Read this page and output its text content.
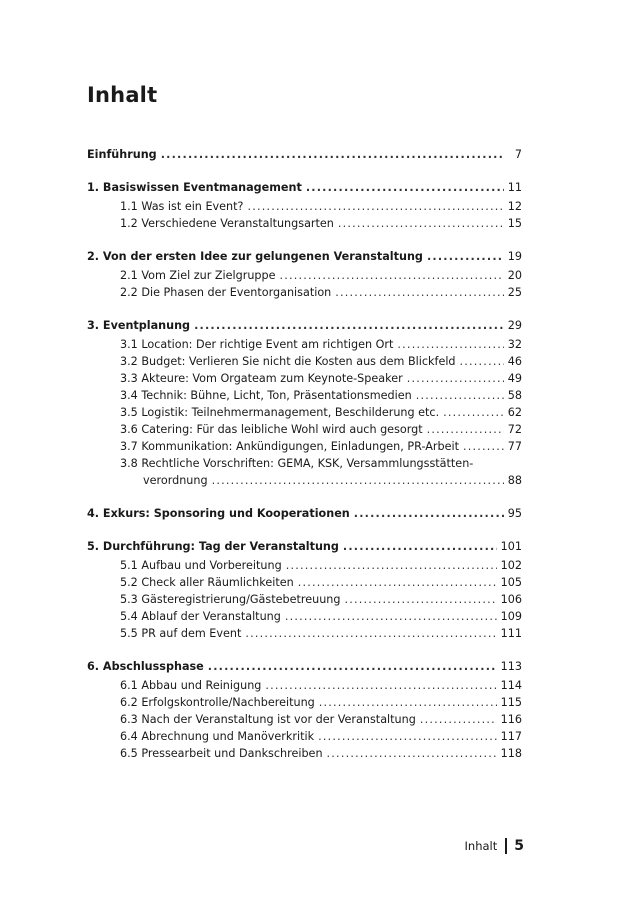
Inhalt
Einführung .....	7
1. Basiswissen Eventmanagement .....	11
1.1 Was ist ein Event? .....	12
1.2 Verschiedene Veranstaltungsarten .....	15
2. Von der ersten Idee zur gelungenen Veranstaltung .....	19
2.1 Vom Ziel zur Zielgruppe .....	20
2.2 Die Phasen der Eventorganisation .....	25
3. Eventplanung .....	29
3.1 Location: Der richtige Event am richtigen Ort .....	32
3.2 Budget: Verlieren Sie nicht die Kosten aus dem Blickfeld .....	46
3.3 Akteure: Vom Orgateam zum Keynote-Speaker .....	49
3.4 Technik: Bühne, Licht, Ton, Präsentationsmedien .....	58
3.5 Logistik: Teilnehmermanagement, Beschilderung etc. .....	62
3.6 Catering: Für das leibliche Wohl wird auch gesorgt .....	72
3.7 Kommunikation: Ankündigungen, Einladungen, PR-Arbeit .....	77
3.8 Rechtliche Vorschriften: GEMA, KSK, Versammlungsstätten-
verordnung .....	88
4. Exkurs: Sponsoring und Kooperationen .....	95
5. Durchführung: Tag der Veranstaltung .....	101
5.1 Aufbau und Vorbereitung .....	102
5.2 Check aller Räumlichkeiten .....	105
5.3 Gästeregistrierung/Gästebetreuung .....	106
5.4 Ablauf der Veranstaltung .....	109
5.5 PR auf dem Event .....	111
6. Abschlussphase .....	113
6.1 Abbau und Reinigung .....	114
6.2 Erfolgskontrolle/Nachbereitung .....	115
6.3 Nach der Veranstaltung ist vor der Veranstaltung .....	116
6.4 Abrechnung und Manöverkritik .....	117
6.5 Pressearbeit und Dankschreiben .....	118
Inhalt 5
